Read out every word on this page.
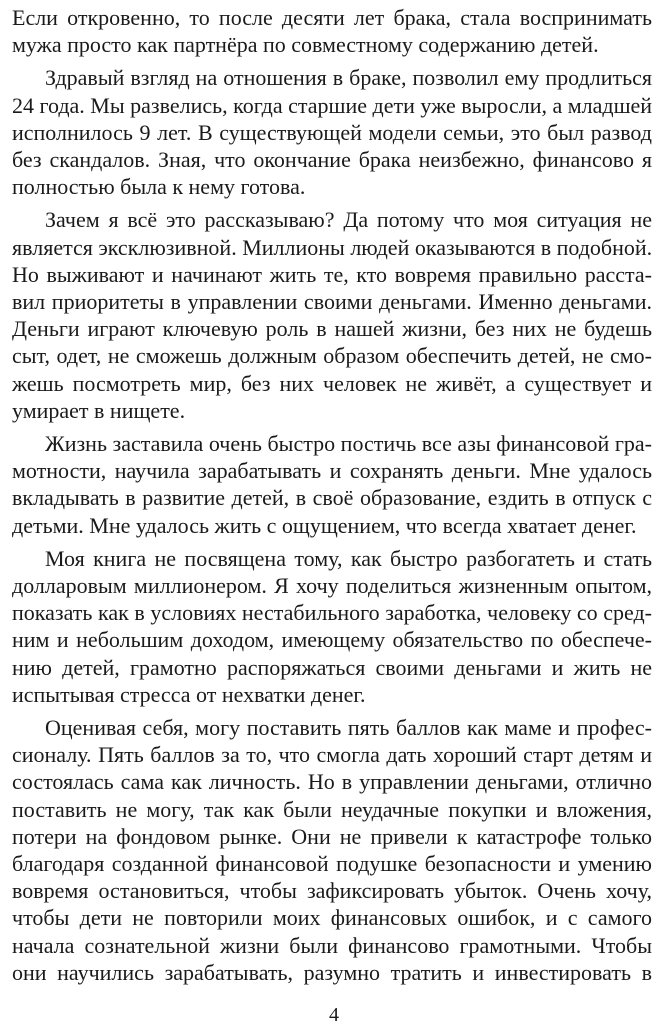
Если откровенно, то после десяти лет брака, стала воспринимать
мужа просто как партнёра по совместному содержанию детей.
Здравый взгляд на отношения в браке, позволил ему продлиться
24 года. Мы развелись, когда старшие дети уже выросли, а младшей
исполнилось 9 лет. В существующей модели семьи, это был развод
без скандалов. Зная, что окончание брака неизбежно, финансово я
полностью была к нему готова.
Зачем я всё это рассказываю? Да потому что моя ситуация не
является эксклюзивной. Миллионы людей оказываются в подобной.
Но выживают и начинают жить те, кто вовремя правильно расста-
вил приоритеты в управлении своими деньгами. Именно деньгами.
Деньги играют ключевую роль в нашей жизни, без них не будешь
сыт, одет, не сможешь должным образом обеспечить детей, не смо-
жешь посмотреть мир, без них человек не живёт, а существует и
умирает в нищете.
Жизнь заставила очень быстро постичь все азы финансовой гра-
мотности, научила зарабатывать и сохранять деньги. Мне удалось
вкладывать в развитие детей, в своё образование, ездить в отпуск с
детьми. Мне удалось жить с ощущением, что всегда хватает денег.
Моя книга не посвящена тому, как быстро разбогатеть и стать
долларовым миллионером. Я хочу поделиться жизненным опытом,
показать как в условиях нестабильного заработка, человеку со сред-
ним и небольшим доходом, имеющему обязательство по обеспече-
нию детей, грамотно распоряжаться своими деньгами и жить не
испытывая стресса от нехватки денег.
Оценивая себя, могу поставить пять баллов как маме и профес-
сионалу. Пять баллов за то, что смогла дать хороший старт детям и
состоялась сама как личность. Но в управлении деньгами, отлично
поставить не могу, так как были неудачные покупки и вложения,
потери на фондовом рынке. Они не привели к катастрофе только
благодаря созданной финансовой подушке безопасности и умению
вовремя остановиться, чтобы зафиксировать убыток. Очень хочу,
чтобы дети не повторили моих финансовых ошибок, и с самого
начала сознательной жизни были финансово грамотными. Чтобы
они научились зарабатывать, разумно тратить и инвестировать в
4
